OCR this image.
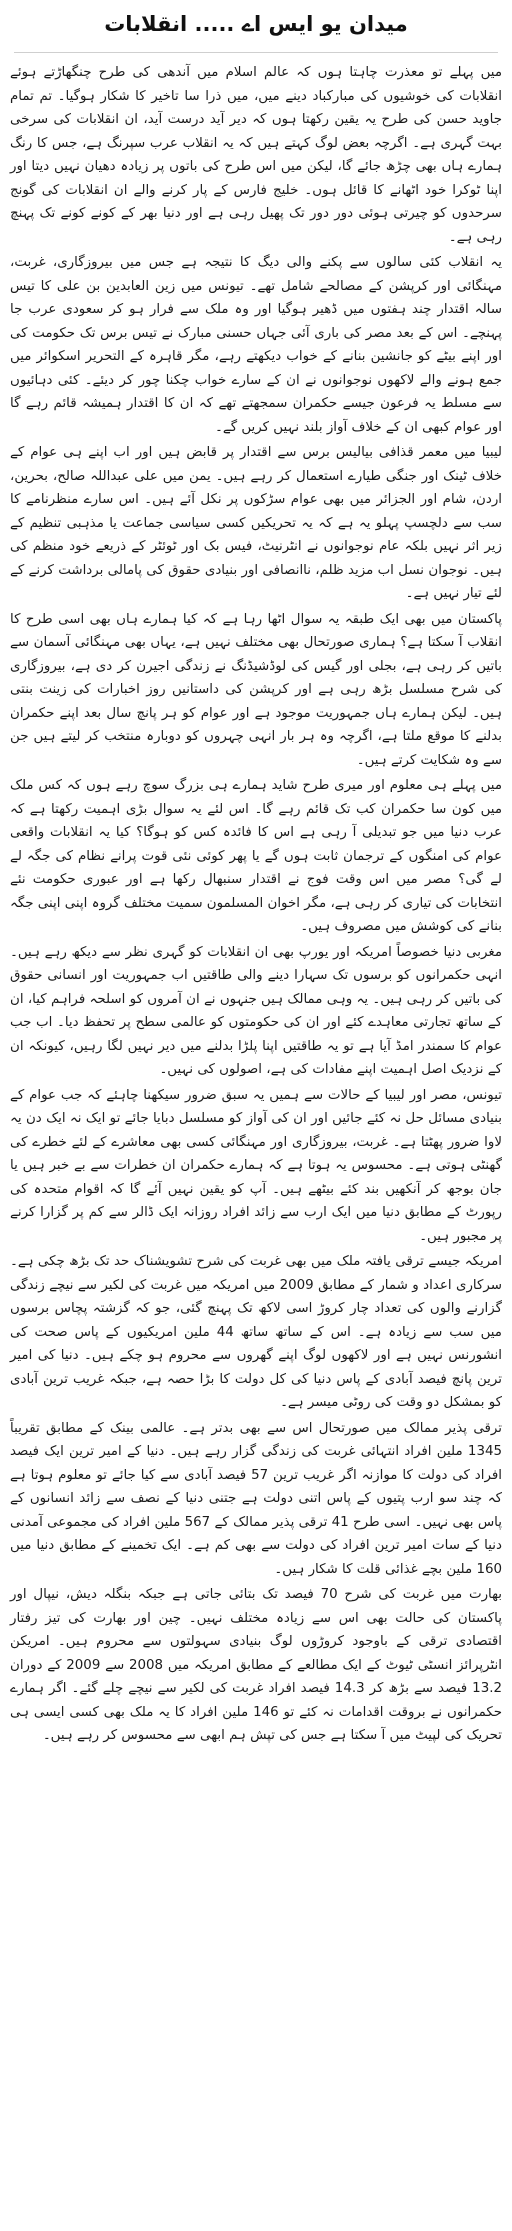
میدان یو ایس اے ..... انقلابات

میں پہلے تو معذرت چاہتا ہوں کہ عالم اسلام میں آندھی کی طرح چنگھاڑتے ہوئے انقلابات کی خوشیوں کی مبارکباد دینے میں، میں ذرا سا تاخیر کا شکار ہوگیا۔ تم تمام جاوید حسن کی طرح یہ یقین رکھتا ہوں کہ دیر آید درست آید، ان انقلابات کی سرخی بہت گہری ہے۔ اگرچہ بعض لوگ کہتے ہیں کہ یہ انقلاب عرب سپرنگ ہے، جس کا رنگ ہمارے ہاں بھی چڑھ جائے گا، لیکن میں اس طرح کی باتوں پر زیادہ دھیان نہیں دیتا اور اپنا ٹوکرا خود اٹھانے کا قائل ہوں۔ خلیج فارس کے پار کرنے والے ان انقلابات کی گونج سرحدوں کو چیرتی ہوئی دور دور تک پھیل رہی ہے اور دنیا بھر کے کونے کونے تک پہنچ رہی ہے۔

یہ انقلاب کئی سالوں سے پکنے والی دیگ کا نتیجہ ہے جس میں بیروزگاری، غربت، مہنگائی اور کرپشن کے مصالحے شامل تھے۔ تیونس میں زین العابدین بن علی کا تیس سالہ اقتدار چند ہفتوں میں ڈھیر ہوگیا اور وہ ملک سے فرار ہو کر سعودی عرب جا پہنچے۔ اس کے بعد مصر کی باری آئی جہاں حسنی مبارک نے تیس برس تک حکومت کی اور اپنے بیٹے کو جانشین بنانے کے خواب دیکھتے رہے، مگر قاہرہ کے التحریر اسکوائر میں جمع ہونے والے لاکھوں نوجوانوں نے ان کے سارے خواب چکنا چور کر دیئے۔ کئی دہائیوں سے مسلط یہ فرعون جیسے حکمران سمجھتے تھے کہ ان کا اقتدار ہمیشہ قائم رہے گا اور عوام کبھی ان کے خلاف آواز بلند نہیں کریں گے۔

لیبیا میں معمر قذافی بیالیس برس سے اقتدار پر قابض ہیں اور اب اپنے ہی عوام کے خلاف ٹینک اور جنگی طیارے استعمال کر رہے ہیں۔ یمن میں علی عبداللہ صالح، بحرین، اردن، شام اور الجزائر میں بھی عوام سڑکوں پر نکل آئے ہیں۔ اس سارے منظرنامے کا سب سے دلچسپ پہلو یہ ہے کہ یہ تحریکیں کسی سیاسی جماعت یا مذہبی تنظیم کے زیر اثر نہیں بلکہ عام نوجوانوں نے انٹرنیٹ، فیس بک اور ٹوئٹر کے ذریعے خود منظم کی ہیں۔ نوجوان نسل اب مزید ظلم، ناانصافی اور بنیادی حقوق کی پامالی برداشت کرنے کے لئے تیار نہیں ہے۔

پاکستان میں بھی ایک طبقہ یہ سوال اٹھا رہا ہے کہ کیا ہمارے ہاں بھی اسی طرح کا انقلاب آ سکتا ہے؟ ہماری صورتحال بھی مختلف نہیں ہے، یہاں بھی مہنگائی آسمان سے باتیں کر رہی ہے، بجلی اور گیس کی لوڈشیڈنگ نے زندگی اجیرن کر دی ہے، بیروزگاری کی شرح مسلسل بڑھ رہی ہے اور کرپشن کی داستانیں روز اخبارات کی زینت بنتی ہیں۔ لیکن ہمارے ہاں جمہوریت موجود ہے اور عوام کو ہر پانچ سال بعد اپنے حکمران بدلنے کا موقع ملتا ہے، اگرچہ وہ ہر بار انہی چہروں کو دوبارہ منتخب کر لیتے ہیں جن سے وہ شکایت کرتے ہیں۔

میں پہلے ہی معلوم اور میری طرح شاید ہمارے ہی بزرگ سوچ رہے ہوں کہ کس ملک میں کون سا حکمران کب تک قائم رہے گا۔ اس لئے یہ سوال بڑی اہمیت رکھتا ہے کہ عرب دنیا میں جو تبدیلی آ رہی ہے اس کا فائدہ کس کو ہوگا؟ کیا یہ انقلابات واقعی عوام کی امنگوں کے ترجمان ثابت ہوں گے یا پھر کوئی نئی قوت پرانے نظام کی جگہ لے لے گی؟ مصر میں اس وقت فوج نے اقتدار سنبھال رکھا ہے اور عبوری حکومت نئے انتخابات کی تیاری کر رہی ہے، مگر اخوان المسلمون سمیت مختلف گروہ اپنی اپنی جگہ بنانے کی کوشش میں مصروف ہیں۔

مغربی دنیا خصوصاً امریکہ اور یورپ بھی ان انقلابات کو گہری نظر سے دیکھ رہے ہیں۔ انہی حکمرانوں کو برسوں تک سہارا دینے والی طاقتیں اب جمہوریت اور انسانی حقوق کی باتیں کر رہی ہیں۔ یہ وہی ممالک ہیں جنہوں نے ان آمروں کو اسلحہ فراہم کیا، ان کے ساتھ تجارتی معاہدے کئے اور ان کی حکومتوں کو عالمی سطح پر تحفظ دیا۔ اب جب عوام کا سمندر امڈ آیا ہے تو یہ طاقتیں اپنا پلڑا بدلنے میں دیر نہیں لگا رہیں، کیونکہ ان کے نزدیک اصل اہمیت اپنے مفادات کی ہے، اصولوں کی نہیں۔

تیونس، مصر اور لیبیا کے حالات سے ہمیں یہ سبق ضرور سیکھنا چاہئے کہ جب عوام کے بنیادی مسائل حل نہ کئے جائیں اور ان کی آواز کو مسلسل دبایا جائے تو ایک نہ ایک دن یہ لاوا ضرور پھٹتا ہے۔ غربت، بیروزگاری اور مہنگائی کسی بھی معاشرے کے لئے خطرے کی گھنٹی ہوتی ہے۔ محسوس یہ ہوتا ہے کہ ہمارے حکمران ان خطرات سے بے خبر ہیں یا جان بوجھ کر آنکھیں بند کئے بیٹھے ہیں۔ آپ کو یقین نہیں آئے گا کہ اقوام متحدہ کی رپورٹ کے مطابق دنیا میں ایک ارب سے زائد افراد روزانہ ایک ڈالر سے کم پر گزارا کرنے پر مجبور ہیں۔

امریکہ جیسے ترقی یافتہ ملک میں بھی غربت کی شرح تشویشناک حد تک بڑھ چکی ہے۔ سرکاری اعداد و شمار کے مطابق 2009 میں امریکہ میں غربت کی لکیر سے نیچے زندگی گزارنے والوں کی تعداد چار کروڑ اسی لاکھ تک پہنچ گئی، جو کہ گزشتہ پچاس برسوں میں سب سے زیادہ ہے۔ اس کے ساتھ ساتھ 44 ملین امریکیوں کے پاس صحت کی انشورنس نہیں ہے اور لاکھوں لوگ اپنے گھروں سے محروم ہو چکے ہیں۔ دنیا کی امیر ترین پانچ فیصد آبادی کے پاس دنیا کی کل دولت کا بڑا حصہ ہے، جبکہ غریب ترین آبادی کو بمشکل دو وقت کی روٹی میسر ہے۔

ترقی پذیر ممالک میں صورتحال اس سے بھی بدتر ہے۔ عالمی بینک کے مطابق تقریباً 1345 ملین افراد انتہائی غربت کی زندگی گزار رہے ہیں۔ دنیا کے امیر ترین ایک فیصد افراد کی دولت کا موازنہ اگر غریب ترین 57 فیصد آبادی سے کیا جائے تو معلوم ہوتا ہے کہ چند سو ارب پتیوں کے پاس اتنی دولت ہے جتنی دنیا کے نصف سے زائد انسانوں کے پاس بھی نہیں۔ اسی طرح 41 ترقی پذیر ممالک کے 567 ملین افراد کی مجموعی آمدنی دنیا کے سات امیر ترین افراد کی دولت سے بھی کم ہے۔ ایک تخمینے کے مطابق دنیا میں 160 ملین بچے غذائی قلت کا شکار ہیں۔

بھارت میں غربت کی شرح 70 فیصد تک بتائی جاتی ہے جبکہ بنگلہ دیش، نیپال اور پاکستان کی حالت بھی اس سے زیادہ مختلف نہیں۔ چین اور بھارت کی تیز رفتار اقتصادی ترقی کے باوجود کروڑوں لوگ بنیادی سہولتوں سے محروم ہیں۔ امریکن انٹرپرائز انسٹی ٹیوٹ کے ایک مطالعے کے مطابق امریکہ میں 2008 سے 2009 کے دوران 13.2 فیصد سے بڑھ کر 14.3 فیصد افراد غربت کی لکیر سے نیچے چلے گئے۔ اگر ہمارے حکمرانوں نے بروقت اقدامات نہ کئے تو 146 ملین افراد کا یہ ملک بھی کسی ایسی ہی تحریک کی لپیٹ میں آ سکتا ہے جس کی تپش ہم ابھی سے محسوس کر رہے ہیں۔
